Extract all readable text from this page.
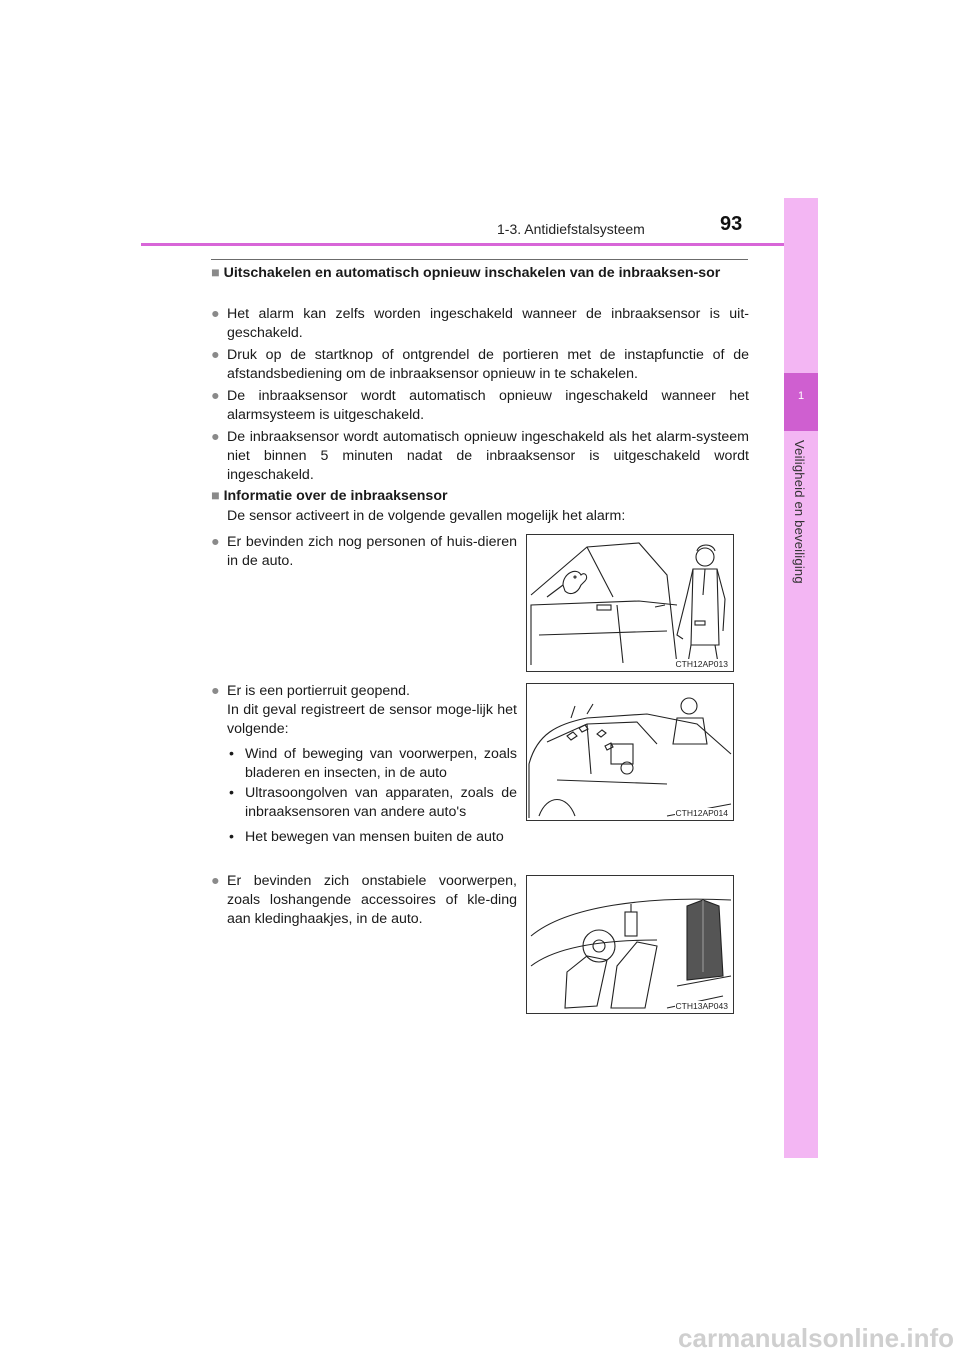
1-3. Antidiefstalsysteem	93
1
Veiligheid en beveiliging
■ Uitschakelen en automatisch opnieuw inschakelen van de inbraaksen-sor
● Het alarm kan zelfs worden ingeschakeld wanneer de inbraaksensor is uit-geschakeld.
● Druk op de startknop of ontgrendel de portieren met de instapfunctie of de afstandsbediening om de inbraaksensor opnieuw in te schakelen.
● De inbraaksensor wordt automatisch opnieuw ingeschakeld wanneer het alarmsysteem is uitgeschakeld.
● De inbraaksensor wordt automatisch opnieuw ingeschakeld als het alarm-systeem niet binnen 5 minuten nadat de inbraaksensor is uitgeschakeld wordt ingeschakeld.
■ Informatie over de inbraaksensor
De sensor activeert in de volgende gevallen mogelijk het alarm:
● Er bevinden zich nog personen of huis-dieren in de auto.
CTH12AP013
● Er is een portierruit geopend.
In dit geval registreert de sensor moge-lijk het volgende:
• Wind of beweging van voorwerpen, zoals bladeren en insecten, in de auto
• Ultrasoongolven van apparaten, zoals de inbraaksensoren van andere auto's
• Het bewegen van mensen buiten de auto
CTH12AP014
● Er bevinden zich onstabiele voorwerpen, zoals loshangende accessoires of kle-ding aan kledinghaakjes, in de auto.
CTH13AP043
carmanualsonline.info
